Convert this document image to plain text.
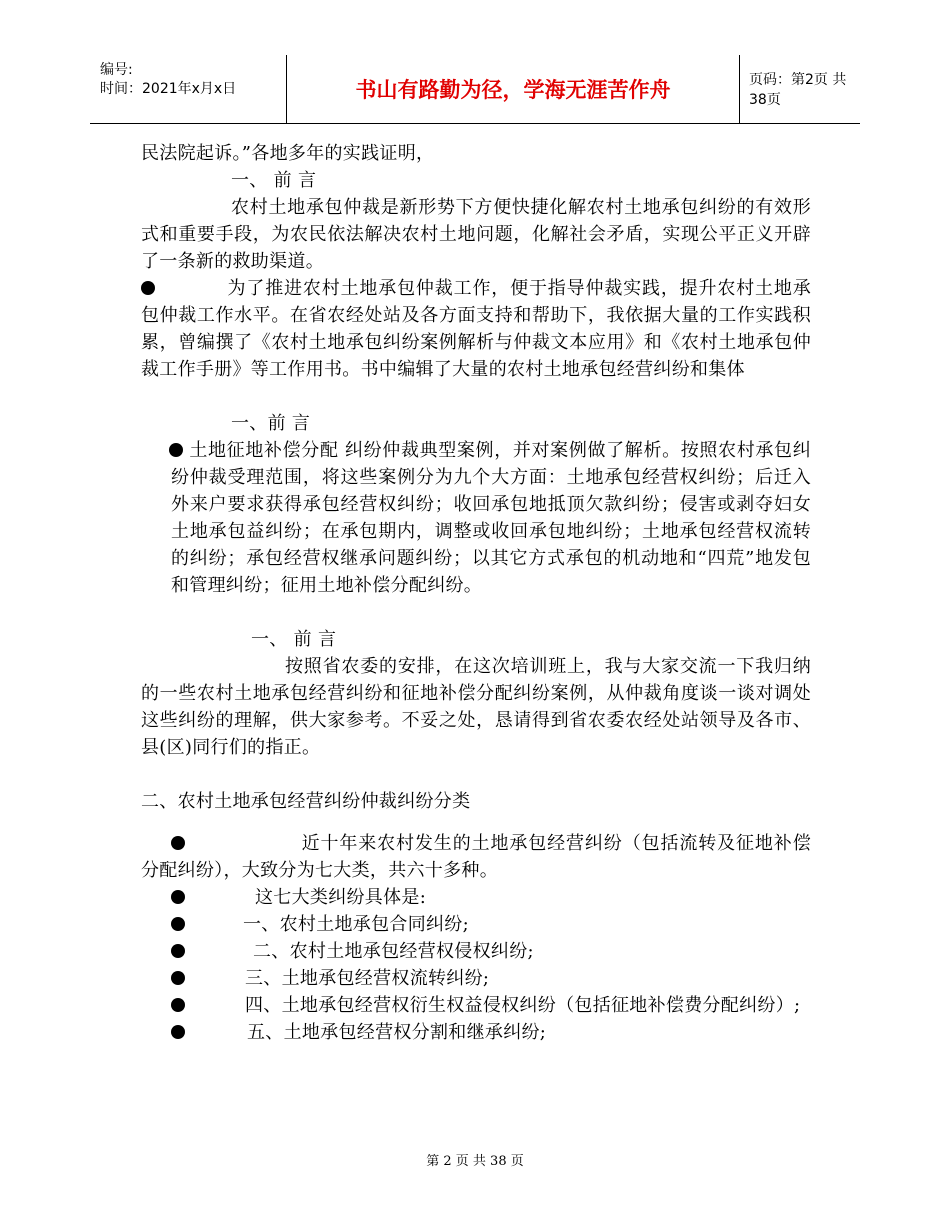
编号:
时间：2021年x月x日	书山有路勤为径，学海无涯苦作舟	页码：第2页 共38页

民法院起诉。”各地多年的实践证明，

一、 前 言

农村土地承包仲裁是新形势下方便快捷化解农村土地承包纠纷的有效形式和重要手段，为农民依法解决农村土地问题，化解社会矛盾，实现公平正义开辟了一条新的救助渠道。

为了推进农村土地承包仲裁工作，便于指导仲裁实践，提升农村土地承包仲裁工作水平。在省农经处站及各方面支持和帮助下，我依据大量的工作实践积累，曾编撰了《农村土地承包纠纷案例解析与仲裁文本应用》和《农村土地承包仲裁工作手册》等工作用书。书中编辑了大量的农村土地承包经营纠纷和集体

一、前 言

土地征地补偿分配 纠纷仲裁典型案例，并对案例做了解析。按照农村承包纠纷仲裁受理范围，将这些案例分为九个大方面：土地承包经营权纠纷；后迁入外来户要求获得承包经营权纠纷；收回承包地抵顶欠款纠纷；侵害或剥夺妇女土地承包益纠纷；在承包期内，调整或收回承包地纠纷；土地承包经营权流转的纠纷；承包经营权继承问题纠纷；以其它方式承包的机动地和“四荒”地发包和管理纠纷；征用土地补偿分配纠纷。

一、 前 言

按照省农委的安排，在这次培训班上，我与大家交流一下我归纳的一些农村土地承包经营纠纷和征地补偿分配纠纷案例，从仲裁角度谈一谈对调处这些纠纷的理解，供大家参考。不妥之处，恳请得到省农委农经处站领导及各市、县(区)同行们的指正。

二、农村土地承包经营纠纷仲裁纠纷分类

近十年来农村发生的土地承包经营纠纷（包括流转及征地补偿分配纠纷），大致分为七大类，共六十多种。

这七大类纠纷具体是:

一、农村土地承包合同纠纷;

二、农村土地承包经营权侵权纠纷;

三、土地承包经营权流转纠纷;

四、土地承包经营权衍生权益侵权纠纷（包括征地补偿费分配纠纷）;

五、土地承包经营权分割和继承纠纷;

第 2 页 共 38 页
